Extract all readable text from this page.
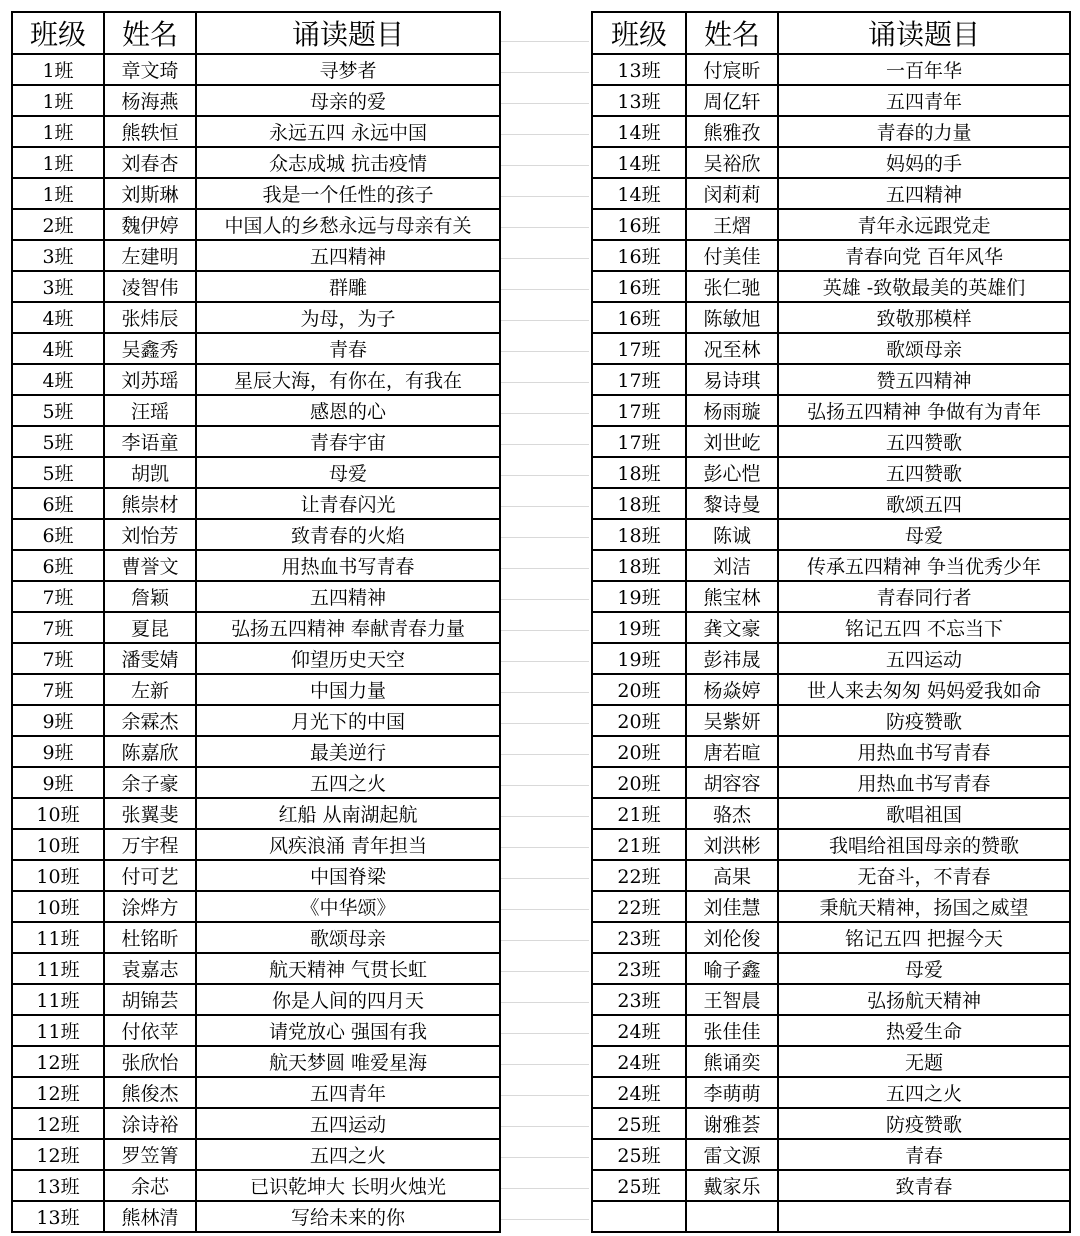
班级	姓名	诵读题目
1班	章文琦	寻梦者
1班	杨海燕	母亲的爱
1班	熊轶恒	永远五四 永远中国
1班	刘春杏	众志成城 抗击疫情
1班	刘斯琳	我是一个任性的孩子
2班	魏伊婷	中国人的乡愁永远与母亲有关
3班	左建明	五四精神
3班	凌智伟	群雕
4班	张炜辰	为母，为子
4班	吴鑫秀	青春
4班	刘苏瑶	星辰大海，有你在，有我在
5班	汪瑶	感恩的心
5班	李语童	青春宇宙
5班	胡凯	母爱
6班	熊崇材	让青春闪光
6班	刘怡芳	致青春的火焰
6班	曹誉文	用热血书写青春
7班	詹颖	五四精神
7班	夏昆	弘扬五四精神 奉献青春力量
7班	潘雯婧	仰望历史天空
7班	左新	中国力量
9班	余霖杰	月光下的中国
9班	陈嘉欣	最美逆行
9班	余子豪	五四之火
10班	张翼斐	红船 从南湖起航
10班	万宇程	风疾浪涌 青年担当
10班	付可艺	中国脊梁
10班	涂烨方	《中华颂》
11班	杜铭昕	歌颂母亲
11班	袁嘉志	航天精神 气贯长虹
11班	胡锦芸	你是人间的四月天
11班	付依苹	请党放心 强国有我
12班	张欣怡	航天梦圆 唯爱星海
12班	熊俊杰	五四青年
12班	涂诗裕	五四运动
12班	罗笠箐	五四之火
13班	余芯	已识乾坤大 长明火烛光
13班	熊林清	写给未来的你
班级	姓名	诵读题目
13班	付宸昕	一百年华
13班	周亿轩	五四青年
14班	熊雅孜	青春的力量
14班	吴裕欣	妈妈的手
14班	闵莉莉	五四精神
16班	王熠	青年永远跟党走
16班	付美佳	青春向党 百年风华
16班	张仁驰	英雄 -致敬最美的英雄们
16班	陈敏旭	致敬那模样
17班	况至林	歌颂母亲
17班	易诗琪	赞五四精神
17班	杨雨璇	弘扬五四精神 争做有为青年
17班	刘世屹	五四赞歌
18班	彭心恺	五四赞歌
18班	黎诗曼	歌颂五四
18班	陈诚	母爱
18班	刘洁	传承五四精神 争当优秀少年
19班	熊宝林	青春同行者
19班	龚文豪	铭记五四 不忘当下
19班	彭祎晟	五四运动
20班	杨焱婷	世人来去匆匆 妈妈爱我如命
20班	吴紫妍	防疫赞歌
20班	唐若暄	用热血书写青春
20班	胡容容	用热血书写青春
21班	骆杰	歌唱祖国
21班	刘洪彬	我唱给祖国母亲的赞歌
22班	高果	无奋斗，不青春
22班	刘佳慧	秉航天精神，扬国之威望
23班	刘伦俊	铭记五四 把握今天
23班	喻子鑫	母爱
23班	王智晨	弘扬航天精神
24班	张佳佳	热爱生命
24班	熊诵奕	无题
24班	李萌萌	五四之火
25班	谢雅荟	防疫赞歌
25班	雷文源	青春
25班	戴家乐	致青春
